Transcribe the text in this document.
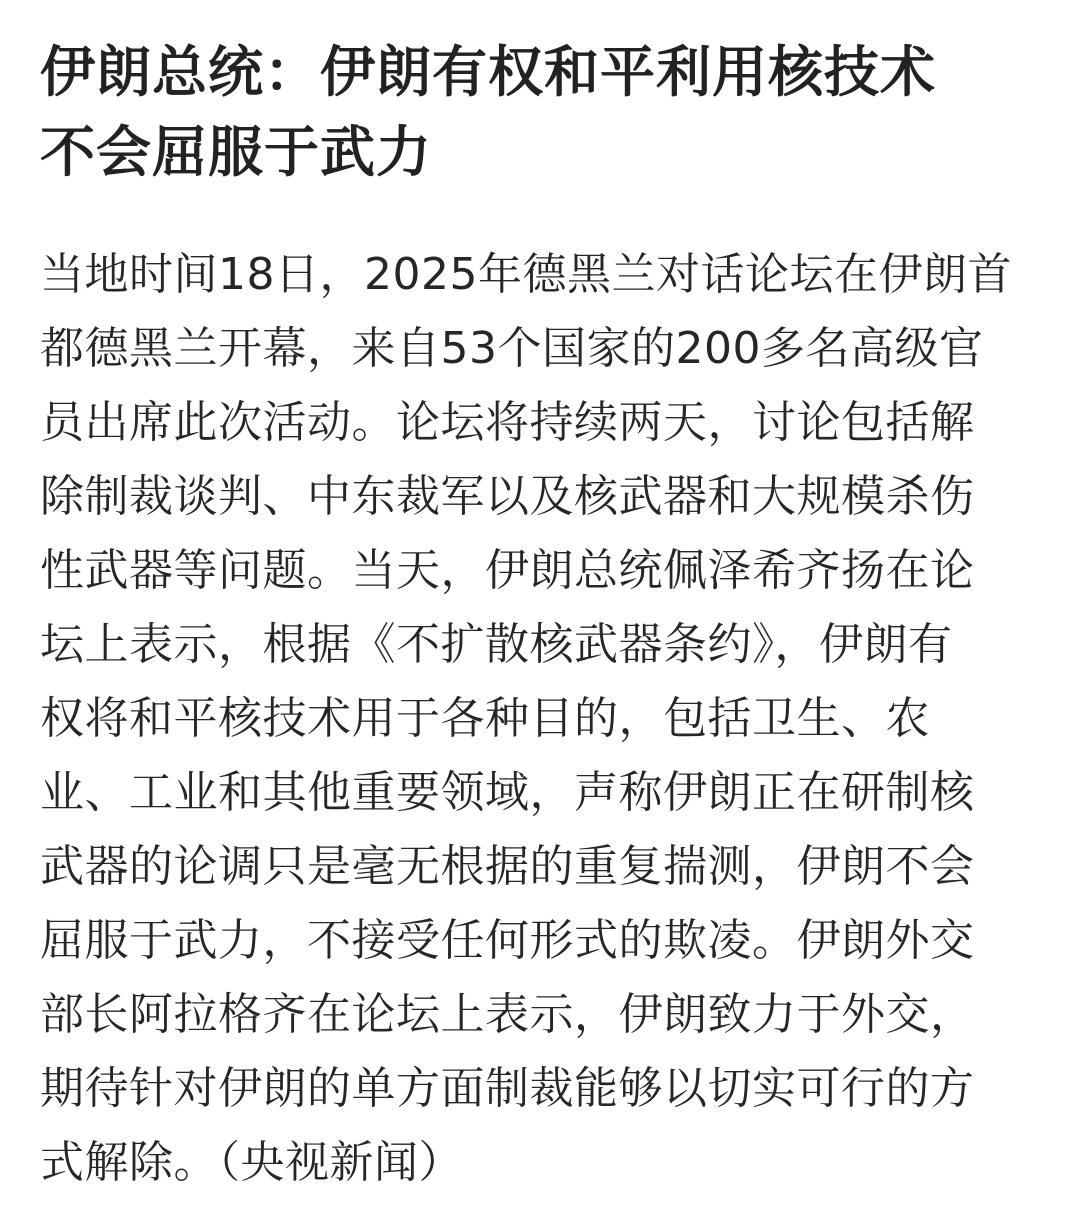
伊朗总统：伊朗有权和平利用核技术
不会屈服于武力
当地时间18日，2025年德黑兰对话论坛在伊朗首
都德黑兰开幕，来自53个国家的200多名高级官
员出席此次活动。论坛将持续两天，讨论包括解
除制裁谈判、中东裁军以及核武器和大规模杀伤
性武器等问题。当天，伊朗总统佩泽希齐扬在论
坛上表示，根据《不扩散核武器条约》，伊朗有
权将和平核技术用于各种目的，包括卫生、农
业、工业和其他重要领域，声称伊朗正在研制核
武器的论调只是毫无根据的重复揣测，伊朗不会
屈服于武力，不接受任何形式的欺凌。伊朗外交
部长阿拉格齐在论坛上表示，伊朗致力于外交，
期待针对伊朗的单方面制裁能够以切实可行的方
式解除。（央视新闻）
